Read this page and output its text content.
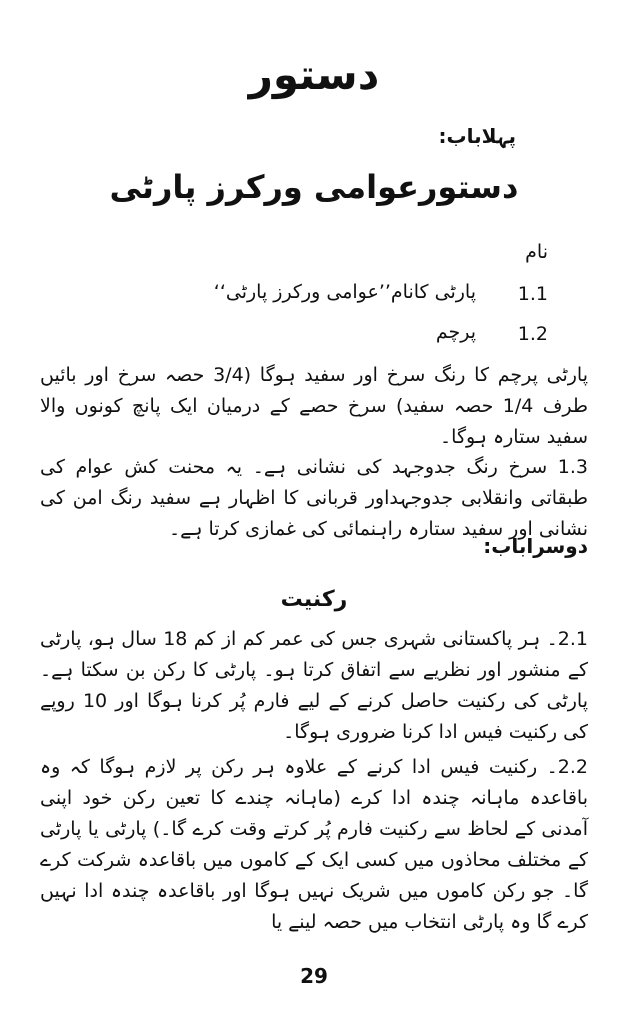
دستور
پہلاباب:
دستورعوامی ورکرز پارٹی
نام
پارٹی کانام’’عوامی ورکرز پارٹی‘‘ 1.1
پرچم 1.2
پارٹی پرچم کا رنگ سرخ اور سفید ہوگا (3/4 حصہ سرخ اور بائیں طرف 1/4 حصہ سفید) سرخ حصے کے درمیان ایک پانچ کونوں والا سفید ستارہ ہوگا۔
1.3 سرخ رنگ جدوجہد کی نشانی ہے۔ یہ محنت کش عوام کی طبقاتی وانقلابی جدوجہداور قربانی کا اظہار ہے سفید رنگ امن کی نشانی اور سفید ستارہ راہنمائی کی غمازی کرتا ہے۔
دوسراباب:
رکنیت
2.1۔ ہر پاکستانی شہری جس کی عمر کم از کم 18 سال ہو، پارٹی کے منشور اور نظریے سے اتفاق کرتا ہو۔ پارٹی کا رکن بن سکتا ہے۔ پارٹی کی رکنیت حاصل کرنے کے لیے فارم پُر کرنا ہوگا اور 10 روپے کی رکنیت فیس ادا کرنا ضروری ہوگا۔
2.2۔ رکنیت فیس ادا کرنے کے علاوہ ہر رکن پر لازم ہوگا کہ وہ باقاعدہ ماہانہ چندہ ادا کرے (ماہانہ چندے کا تعین رکن خود اپنی آمدنی کے لحاظ سے رکنیت فارم پُر کرتے وقت کرے گا۔) پارٹی یا پارٹی کے مختلف محاذوں میں کسی ایک کے کاموں میں باقاعدہ شرکت کرے گا۔ جو رکن کاموں میں شریک نہیں ہوگا اور باقاعدہ چندہ ادا نہیں کرے گا وہ پارٹی انتخاب میں حصہ لینے یا
29
